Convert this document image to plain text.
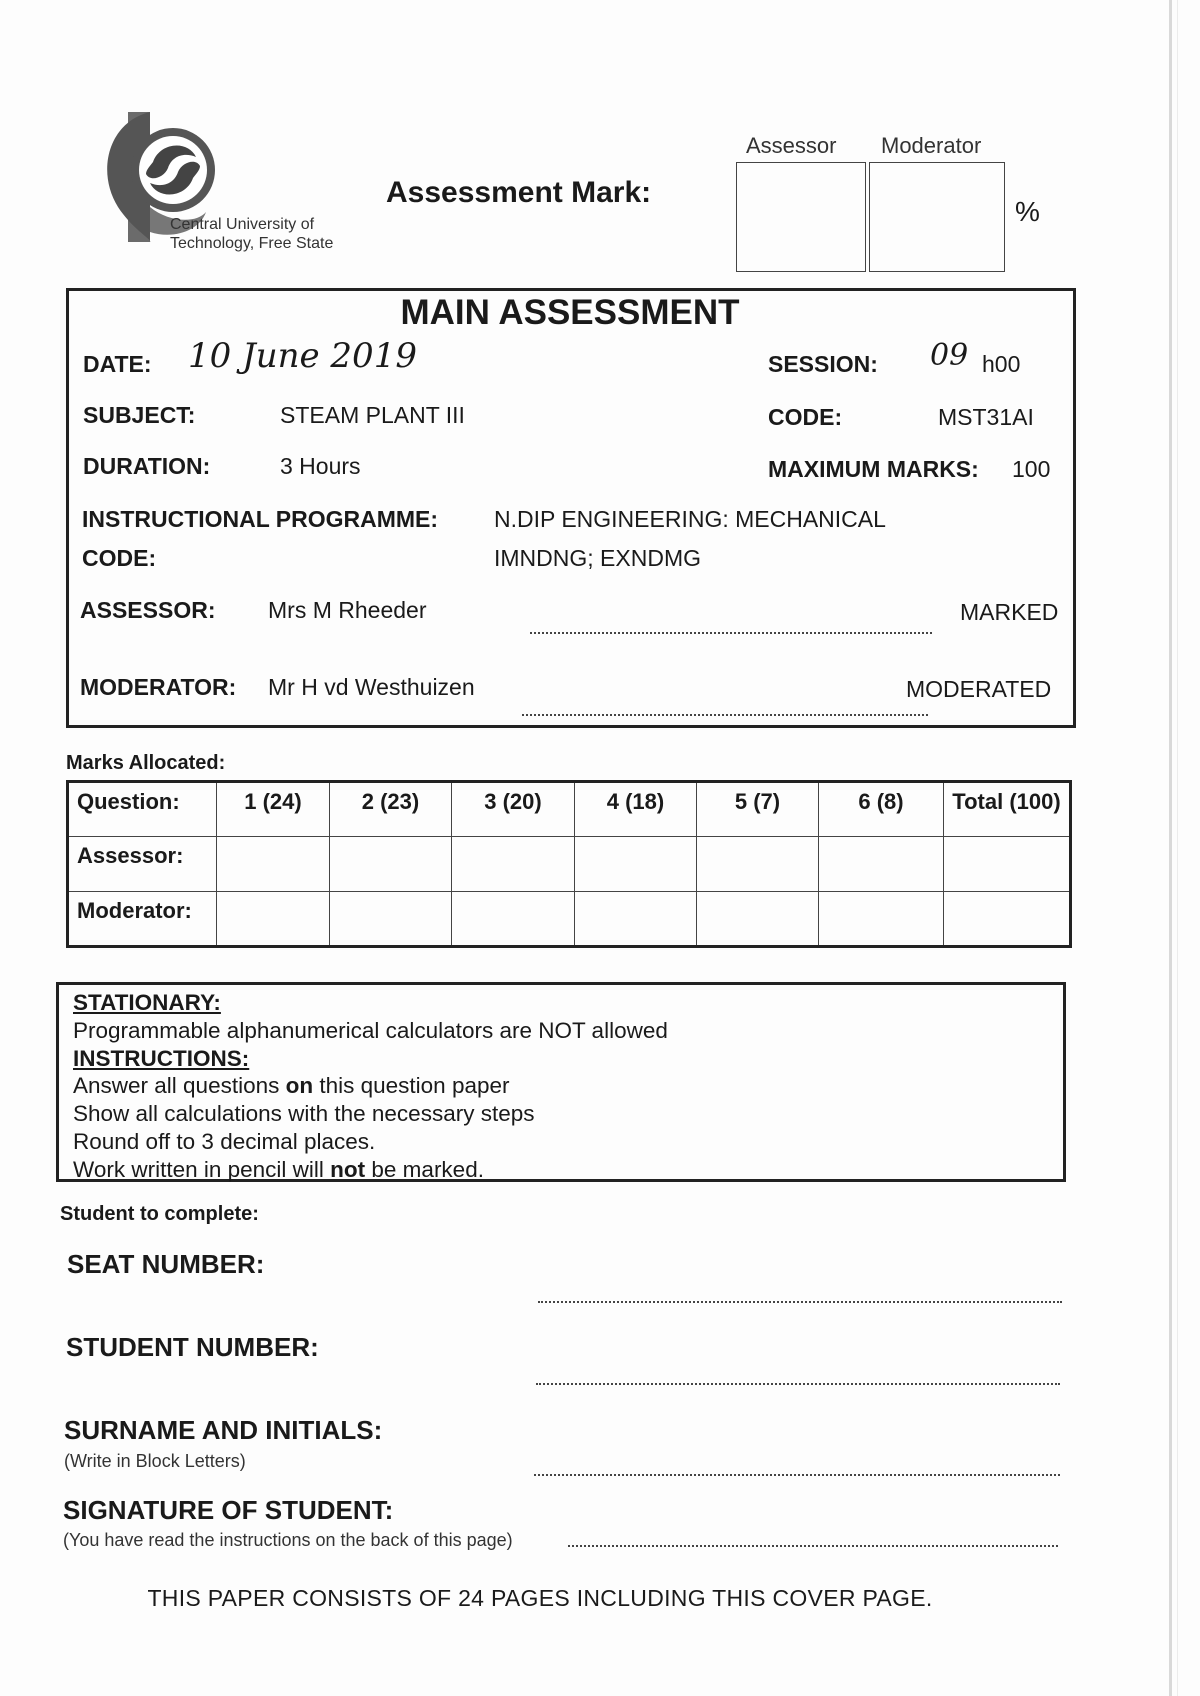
Central University of
Technology, Free State
Assessment Mark:
Assessor Moderator
%
MAIN ASSESSMENT
DATE: 10 June 2019	SESSION: 09 h00
SUBJECT:	STEAM PLANT III	CODE:	MST31AI
DURATION:	3 Hours	MAXIMUM MARKS: 100
INSTRUCTIONAL PROGRAMME: N.DIP ENGINEERING: MECHANICAL
CODE:	IMNDNG; EXNDMG
ASSESSOR: Mrs M Rheeder	MARKED
MODERATOR: Mr H vd Westhuizen	MODERATED
Marks Allocated:
Question:	1 (24)	2 (23)	3 (20)	4 (18)	5 (7)	6 (8)	Total (100)
Assessor:							
Moderator:							
STATIONARY:
Programmable alphanumerical calculators are NOT allowed
INSTRUCTIONS:
Answer all questions on this question paper
Show all calculations with the necessary steps
Round off to 3 decimal places.
Work written in pencil will not be marked.
Student to complete:
SEAT NUMBER:
STUDENT NUMBER:
SURNAME AND INITIALS:
(Write in Block Letters)
SIGNATURE OF STUDENT:
(You have read the instructions on the back of this page)
THIS PAPER CONSISTS OF 24 PAGES INCLUDING THIS COVER PAGE.
